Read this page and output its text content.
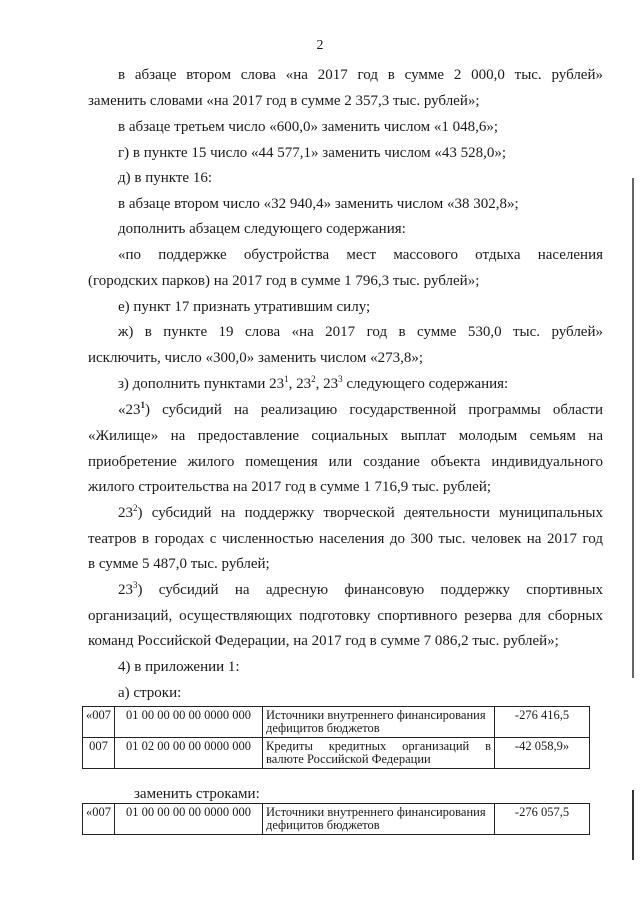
2
в абзаце втором слова «на 2017 год в сумме 2 000,0 тыс. рублей»
заменить словами «на 2017 год в сумме 2 357,3 тыс. рублей»;
в абзаце третьем число «600,0» заменить числом «1 048,6»;
г) в пункте 15 число «44 577,1» заменить числом «43 528,0»;
д) в пункте 16:
в абзаце втором число «32 940,4» заменить числом «38 302,8»;
дополнить абзацем следующего содержания:
«по поддержке обустройства мест массового отдыха населения
(городских парков) на 2017 год в сумме 1 796,3 тыс. рублей»;
е) пункт 17 признать утратившим силу;
ж) в пункте 19 слова «на 2017 год в сумме 530,0 тыс. рублей»
исключить, число «300,0» заменить числом «273,8»;
з) дополнить пунктами $23^1$, $23^2$, $23^3$ следующего содержания:
«$23^1$) субсидий на реализацию государственной программы области
«Жилище» на предоставление социальных выплат молодым семьям на
приобретение жилого помещения или создание объекта индивидуального
жилого строительства на 2017 год в сумме 1 716,9 тыс. рублей;
$23^2$) субсидий на поддержку творческой деятельности муниципальных
театров в городах с численностью населения до 300 тыс. человек на 2017 год
в сумме 5 487,0 тыс. рублей;
$23^3$) субсидий на адресную финансовую поддержку спортивных
организаций, осуществляющих подготовку спортивного резерва для сборных
команд Российской Федерации, на 2017 год в сумме 7 086,2 тыс. рублей»;
4) в приложении 1:
а) строки:
«007	01 00 00 00 00 0000 000	Источники внутреннего финансирования
дефицитов бюджетов	-276 416,5
007	01 02 00 00 00 0000 000	Кредиты кредитных организаций в
валюте Российской Федерации	-42 058,9»
заменить строками:
«007	01 00 00 00 00 0000 000	Источники внутреннего финансирования
дефицитов бюджетов
	-276 057,5
